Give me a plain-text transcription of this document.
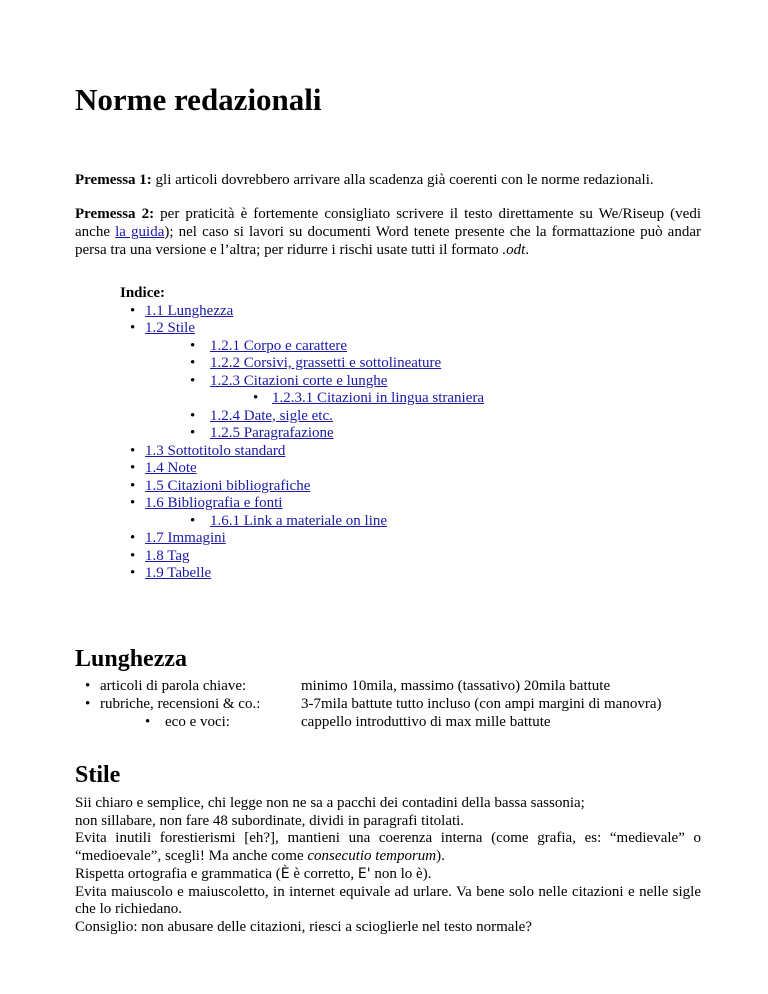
Norme redazionali

Premessa 1: gli articoli dovrebbero arrivare alla scadenza già coerenti con le norme redazionali.

Premessa 2: per praticità è fortemente consigliato scrivere il testo direttamente su We/Riseup (vedi anche la guida); nel caso si lavori su documenti Word tenete presente che la formattazione può andar persa tra una versione e l’altra; per ridurre i rischi usate tutti il formato .odt.

Indice:
• 1.1 Lunghezza
• 1.2 Stile
• 1.2.1 Corpo e carattere
• 1.2.2 Corsivi, grassetti e sottolineature
• 1.2.3 Citazioni corte e lunghe
• 1.2.3.1 Citazioni in lingua straniera
• 1.2.4 Date, sigle etc.
• 1.2.5 Paragrafazione
• 1.3 Sottotitolo standard
• 1.4 Note
• 1.5 Citazioni bibliografiche
• 1.6 Bibliografia e fonti
• 1.6.1 Link a materiale on line
• 1.7 Immagini
• 1.8 Tag
• 1.9 Tabelle
Lunghezza
• articoli di parola chiave:	minimo 10mila, massimo (tassativo) 20mila battute
• rubriche, recensioni & co.:	3-7mila battute tutto incluso (con ampi margini di manovra)
• eco e voci:	cappello introduttivo di max mille battute
Stile

Sii chiaro e semplice, chi legge non ne sa a pacchi dei contadini della bassa sassonia;

non sillabare, non fare 48 subordinate, dividi in paragrafi titolati.

Evita inutili forestierismi [eh?], mantieni una coerenza interna (come grafia, es: “medievale” o “medioevale”, scegli! Ma anche come consecutio temporum).

Rispetta ortografia e grammatica (È è corretto, E' non lo è).

Evita maiuscolo e maiuscoletto, in internet equivale ad urlare. Va bene solo nelle citazioni e nelle sigle che lo richiedano.

Consiglio: non abusare delle citazioni, riesci a scioglierle nel testo normale?
